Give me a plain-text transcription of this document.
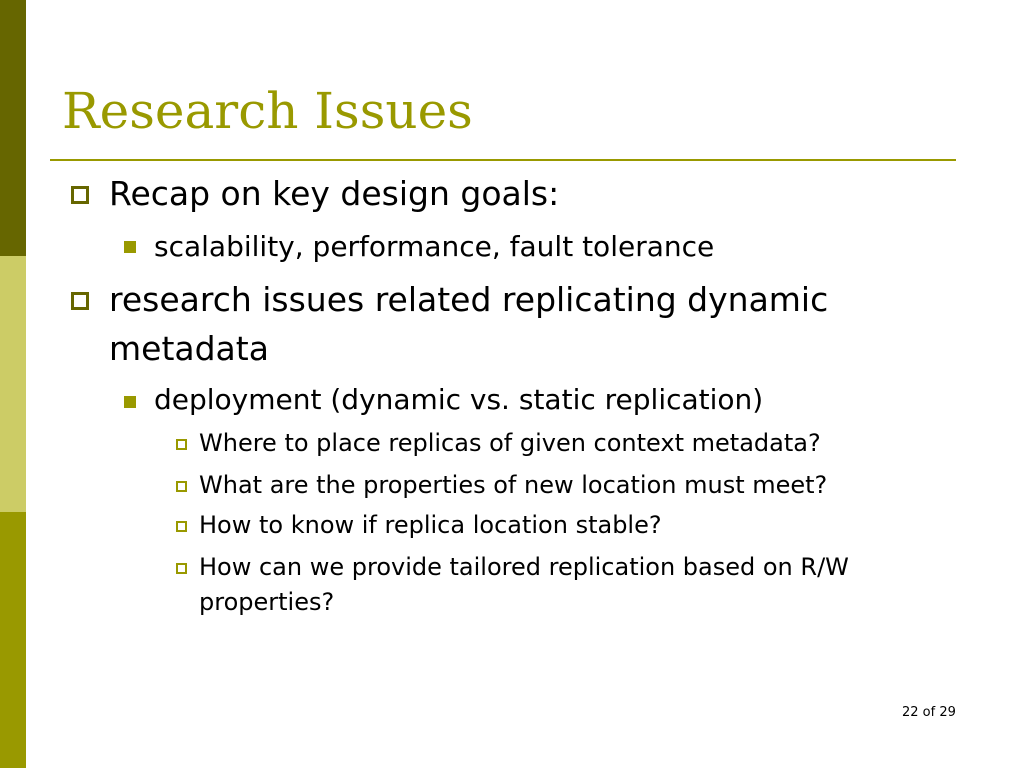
Research Issues
Recap on key design goals:
scalability, performance, fault tolerance
research issues related replicating dynamic
metadata
deployment (dynamic vs. static replication)
Where to place replicas of given context metadata?
What are the properties of new location must meet?
How to know if replica location stable?
How can we provide tailored replication based on R/W
properties?
22 of 29
